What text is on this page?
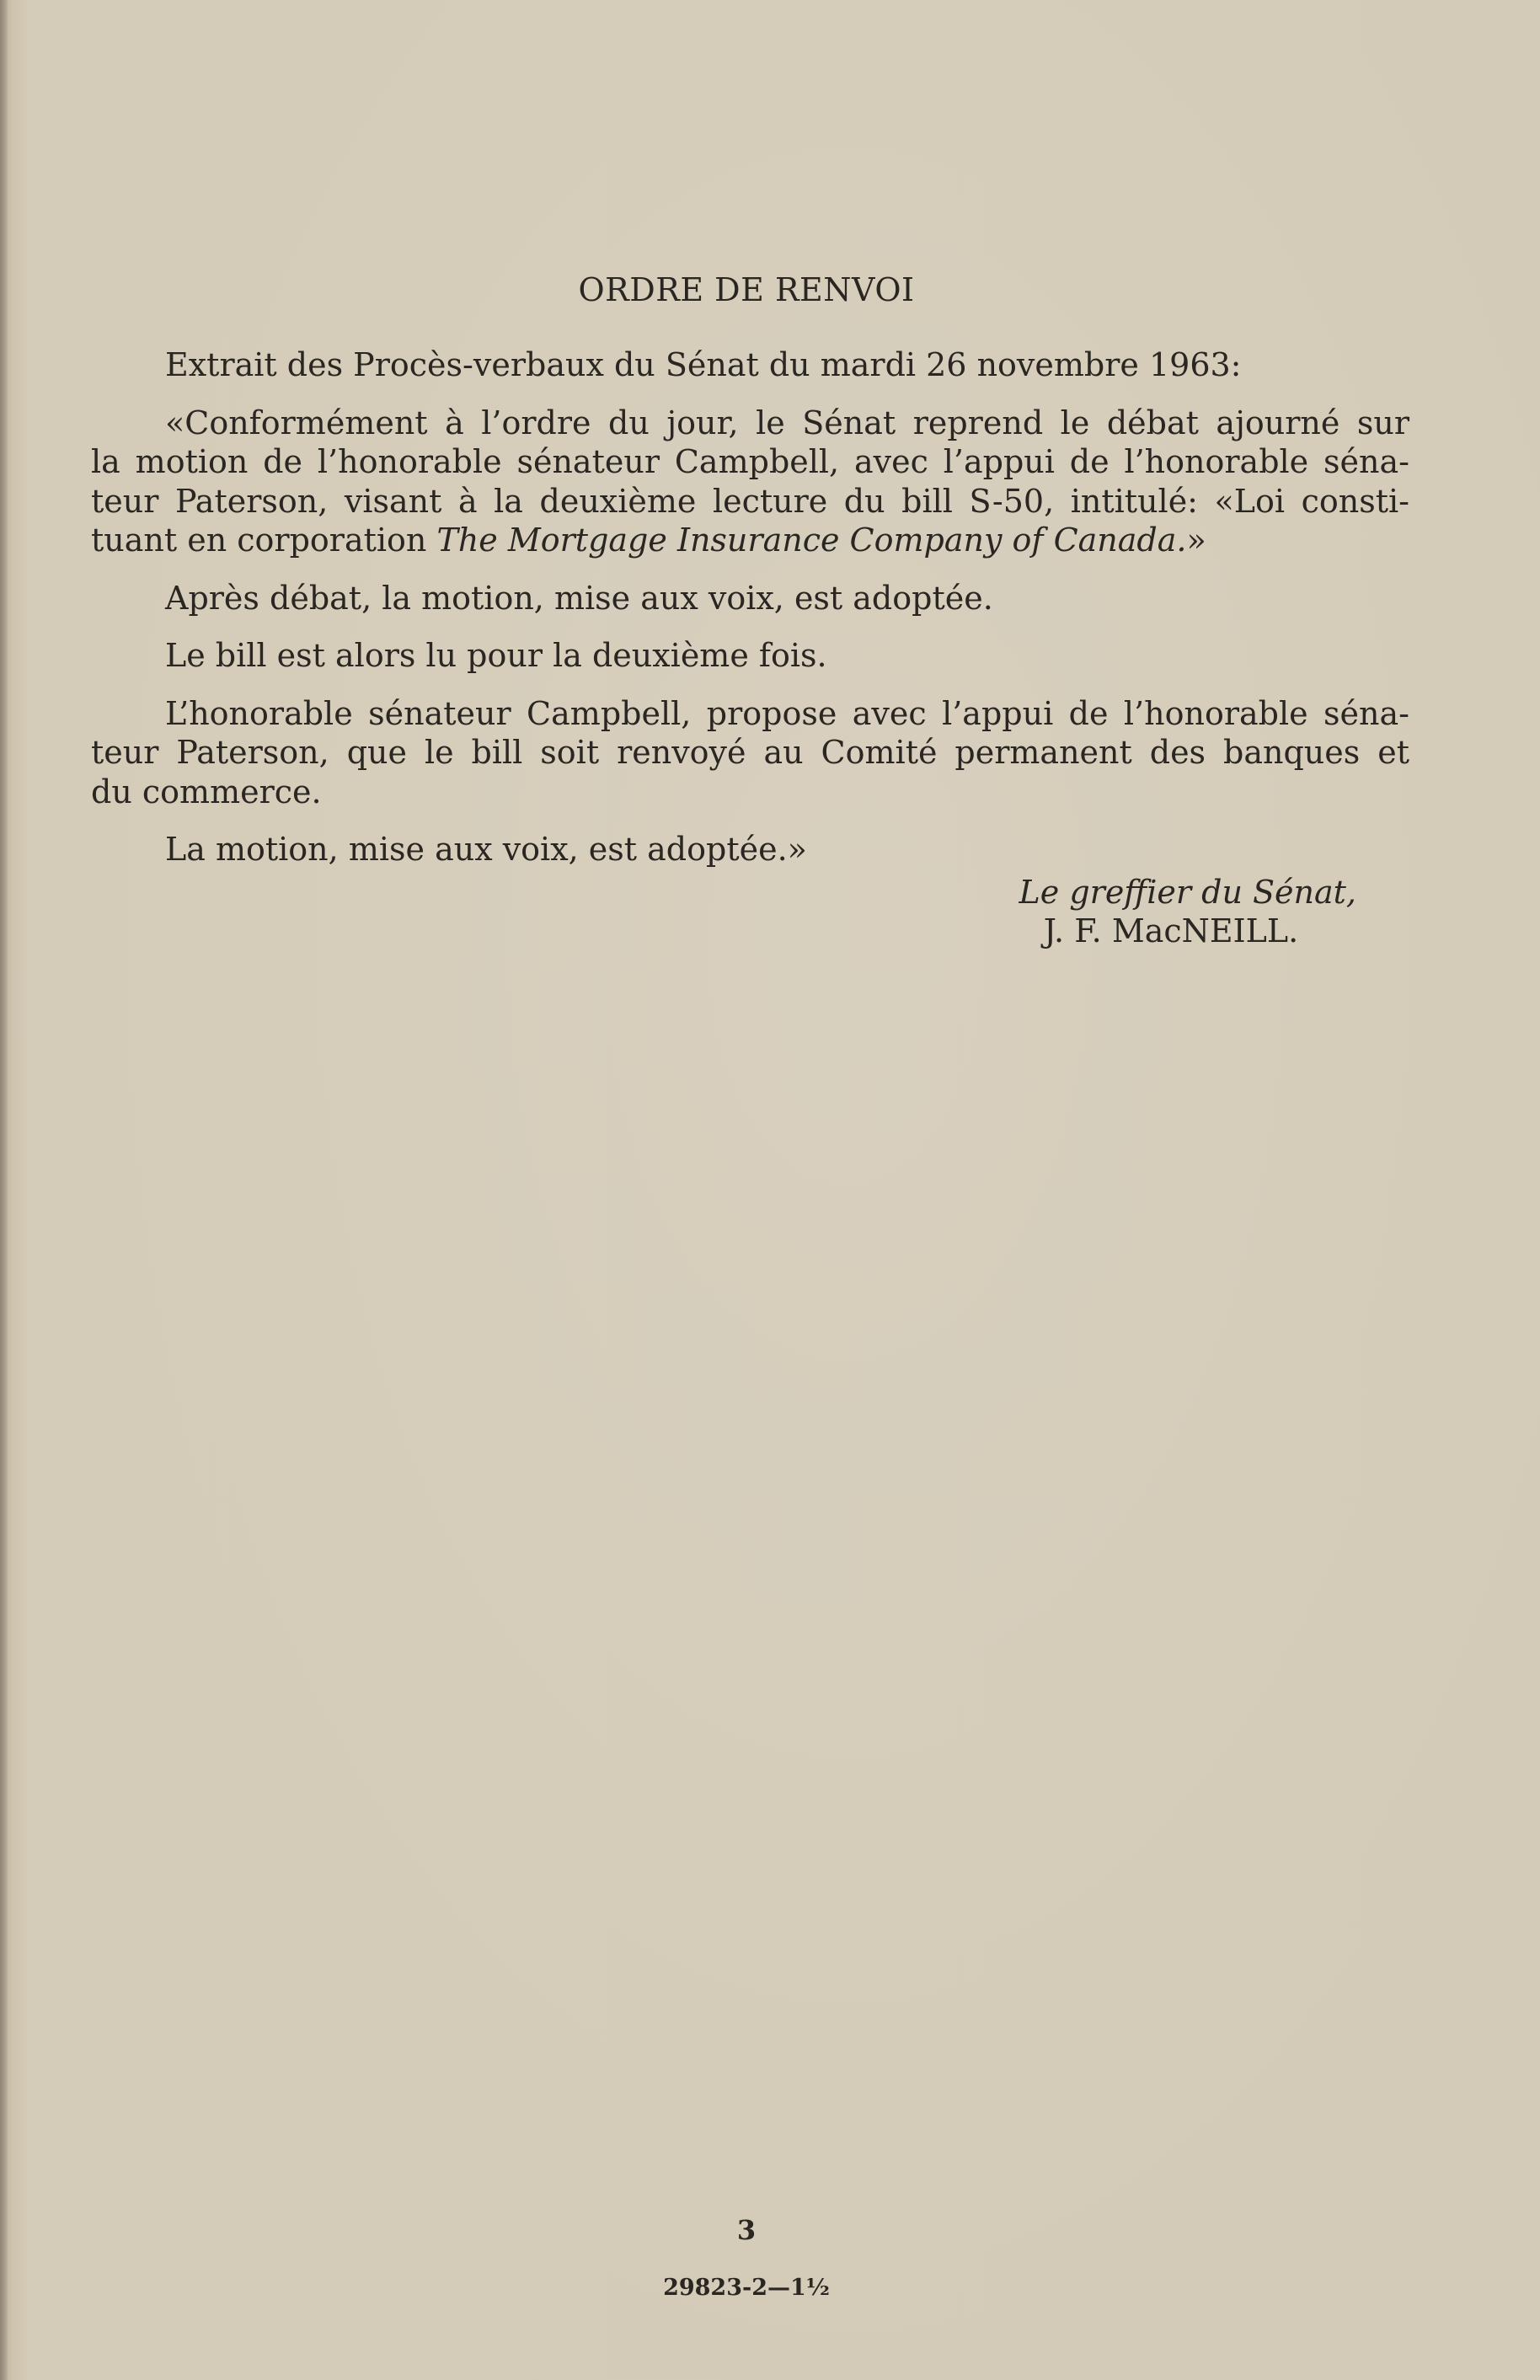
ORDRE DE RENVOI

Extrait des Procès-verbaux du Sénat du mardi 26 novembre 1963:

«Conformément à l’ordre du jour, le Sénat reprend le débat ajourné sur
la motion de l’honorable sénateur Campbell, avec l’appui de l’honorable séna-
teur Paterson, visant à la deuxième lecture du bill S-50, intitulé: «Loi consti-
tuant en corporation The Mortgage Insurance Company of Canada.»

Après débat, la motion, mise aux voix, est adoptée.

Le bill est alors lu pour la deuxième fois.

L’honorable sénateur Campbell, propose avec l’appui de l’honorable séna-
teur Paterson, que le bill soit renvoyé au Comité permanent des banques et
du commerce.

La motion, mise aux voix, est adoptée.»

Le greffier du Sénat,
J. F. MacNEILL.
3
29823-2—1½
